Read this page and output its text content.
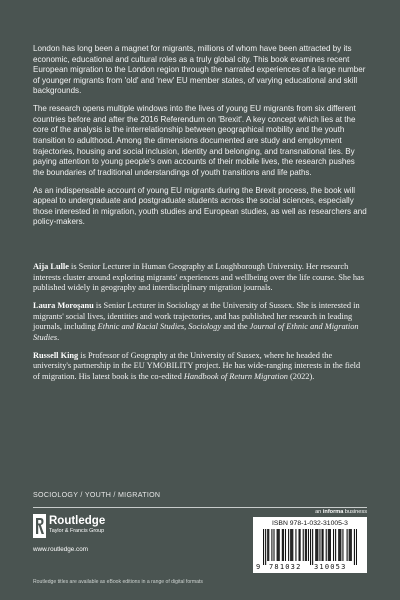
London has long been a magnet for migrants, millions of whom have been attracted by its economic, educational and cultural roles as a truly global city. This book examines recent European migration to the London region through the narrated experiences of a large number of younger migrants from 'old' and 'new' EU member states, of varying educational and skill backgrounds.

The research opens multiple windows into the lives of young EU migrants from six different countries before and after the 2016 Referendum on 'Brexit'. A key concept which lies at the core of the analysis is the interrelationship between geographical mobility and the youth transition to adulthood. Among the dimensions documented are study and employment trajectories, housing and social inclusion, identity and belonging, and transnational ties. By paying attention to young people's own accounts of their mobile lives, the research pushes the boundaries of traditional understandings of youth transitions and life paths.

As an indispensable account of young EU migrants during the Brexit process, the book will appeal to undergraduate and postgraduate students across the social sciences, especially those interested in migration, youth studies and European studies, as well as researchers and policy-makers.

Aija Lulle is Senior Lecturer in Human Geography at Loughborough University. Her research interests cluster around exploring migrants' experiences and wellbeing over the life course. She has published widely in geography and interdisciplinary migration journals.

Laura Moroşanu is Senior Lecturer in Sociology at the University of Sussex. She is interested in migrants' social lives, identities and work trajectories, and has published her research in leading journals, including Ethnic and Racial Studies, Sociology and the Journal of Ethnic and Migration Studies.

Russell King is Professor of Geography at the University of Sussex, where he headed the university's partnership in the EU YMOBILITY project. He has wide-ranging interests in the field of migration. His latest book is the co-edited Handbook of Return Migration (2022).

SOCIOLOGY / YOUTH / MIGRATION
Routledge
Taylor & Francis Group
www.routledge.com
an informa business
ISBN 978-1-032-31005-3
9 781032 310053
Routledge titles are available as eBook editions in a range of digital formats
